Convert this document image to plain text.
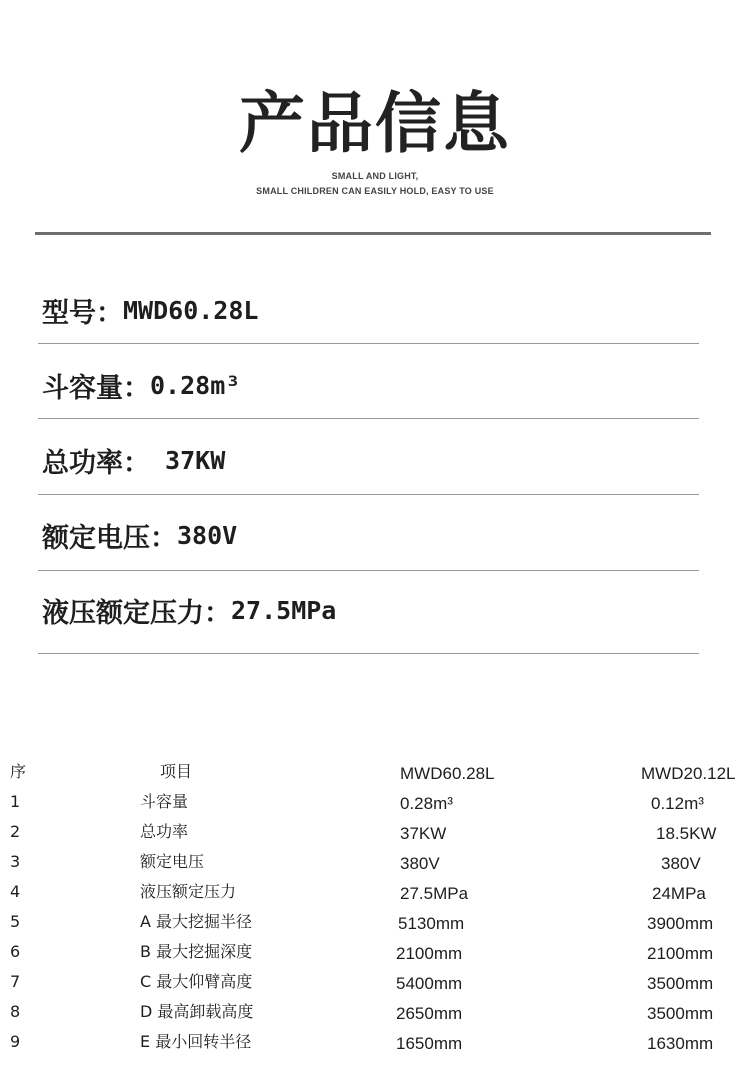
产品信息
SMALL AND LIGHT,
SMALL CHILDREN CAN EASILY HOLD, EASY TO USE
型号： MWD60.28L
斗容量： 0.28m³
总功率： 37KW
额定电压： 380V
液压额定压力： 27.5MPa
序	项目	MWD60.28L	MWD20.12L
1	斗容量	0.28m³	0.12m³
2	总功率	37KW	18.5KW
3	额定电压	380V	380V
4	液压额定压力	27.5MPa	24MPa
5	A 最大挖掘半径	5130mm	3900mm
6	B 最大挖掘深度	2100mm	2100mm
7	C 最大仰臂高度	5400mm	3500mm
8	D 最高卸载高度	2650mm	3500mm
9	E 最小回转半径	1650mm	1630mm
